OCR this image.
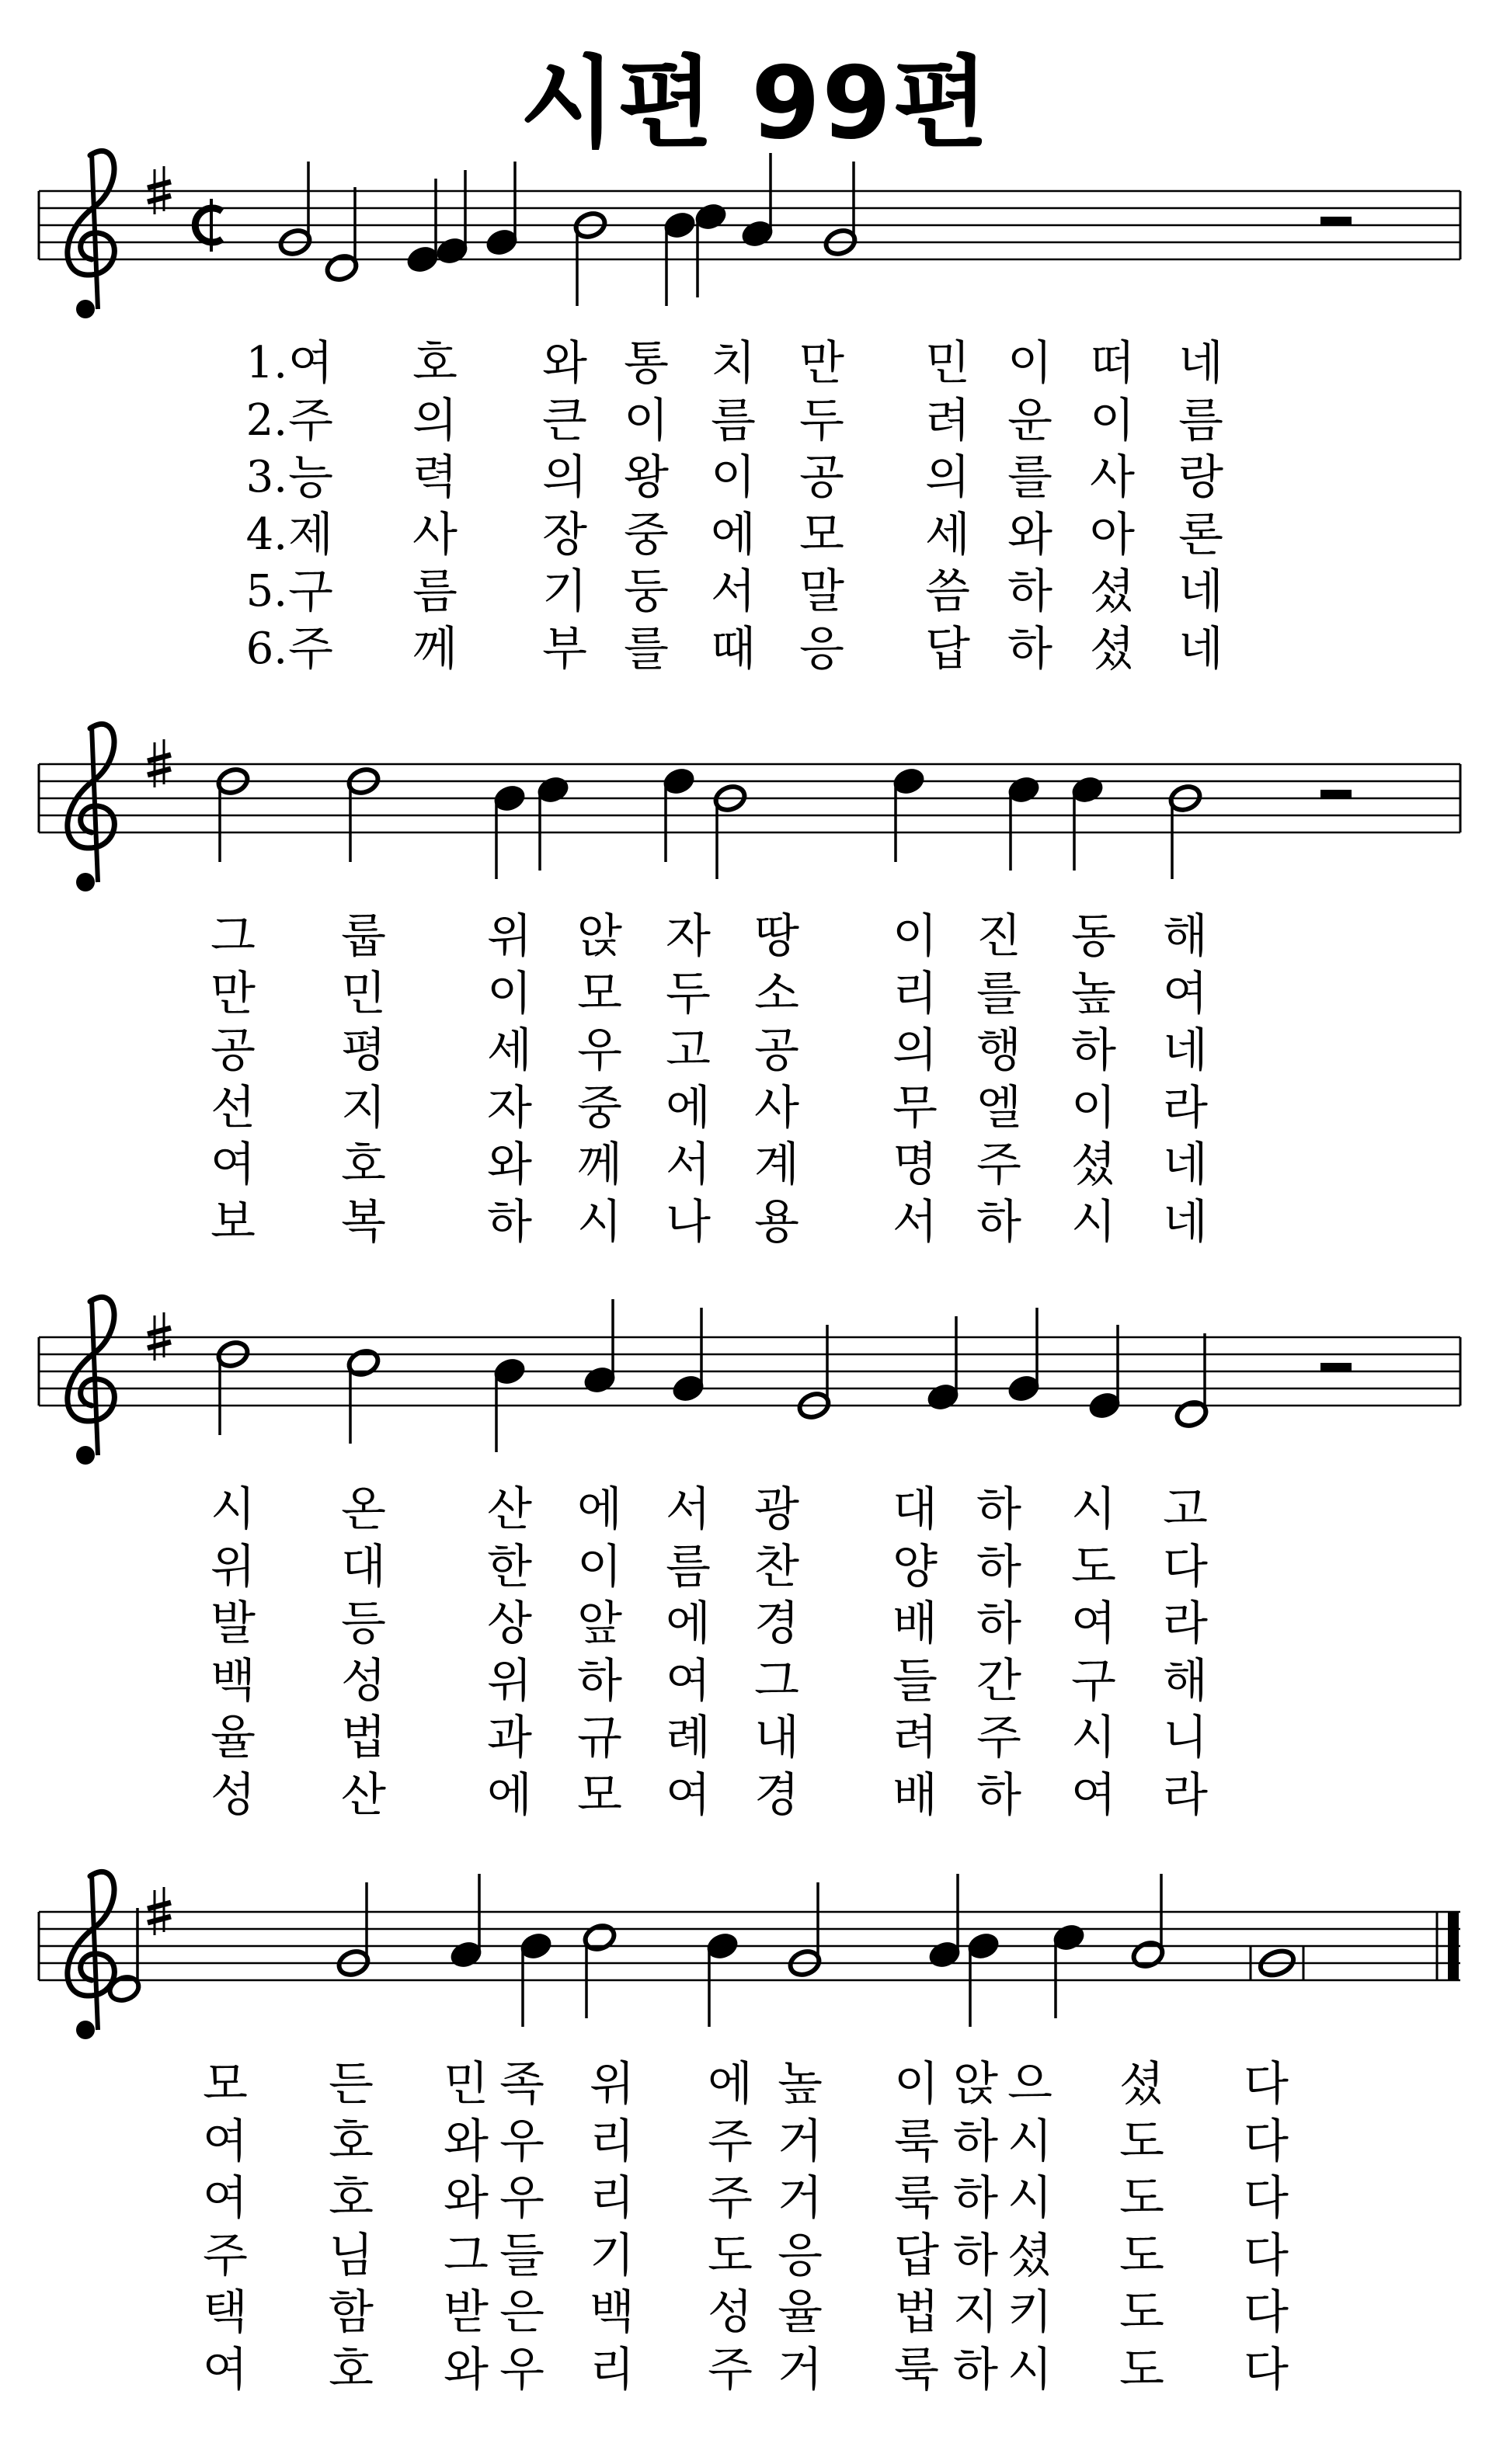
시편 99편
1. 여 호 와 통 치 만 민 이 떠 네
2. 주 의 큰 이 름 두 려 운 이 름
3. 능 력 의 왕 이 공 의 를 사 랑
4. 제 사 장 중 에 모 세 와 아 론
5. 구 름 기 둥 서 말 씀 하 셨 네
6. 주 께 부 를 때 응 답 하 셨 네
그 룹 위 앉 자 땅 이 진 동 해
만 민 이 모 두 소 리 를 높 여
공 평 세 우 고 공 의 행 하 네
선 지 자 중 에 사 무 엘 이 라
여 호 와 께 서 계 명 주 셨 네
보 복 하 시 나 용 서 하 시 네
시 온 산 에 서 광 대 하 시 고
위 대 한 이 름 찬 양 하 도 다
발 등 상 앞 에 경 배 하 여 라
백 성 위 하 여 그 들 간 구 해
율 법 과 규 례 내 려 주 시 니
성 산 에 모 여 경 배 하 여 라
모 든 민 족 위 에 높 이 앉 으 셨 다
여 호 와 우 리 주 거 룩 하 시 도 다
여 호 와 우 리 주 거 룩 하 시 도 다
주 님 그 들 기 도 응 답 하 셨 도 다
택 함 받 은 백 성 율 법 지 키 도 다
여 호 와 우 리 주 거 룩 하 시 도 다
